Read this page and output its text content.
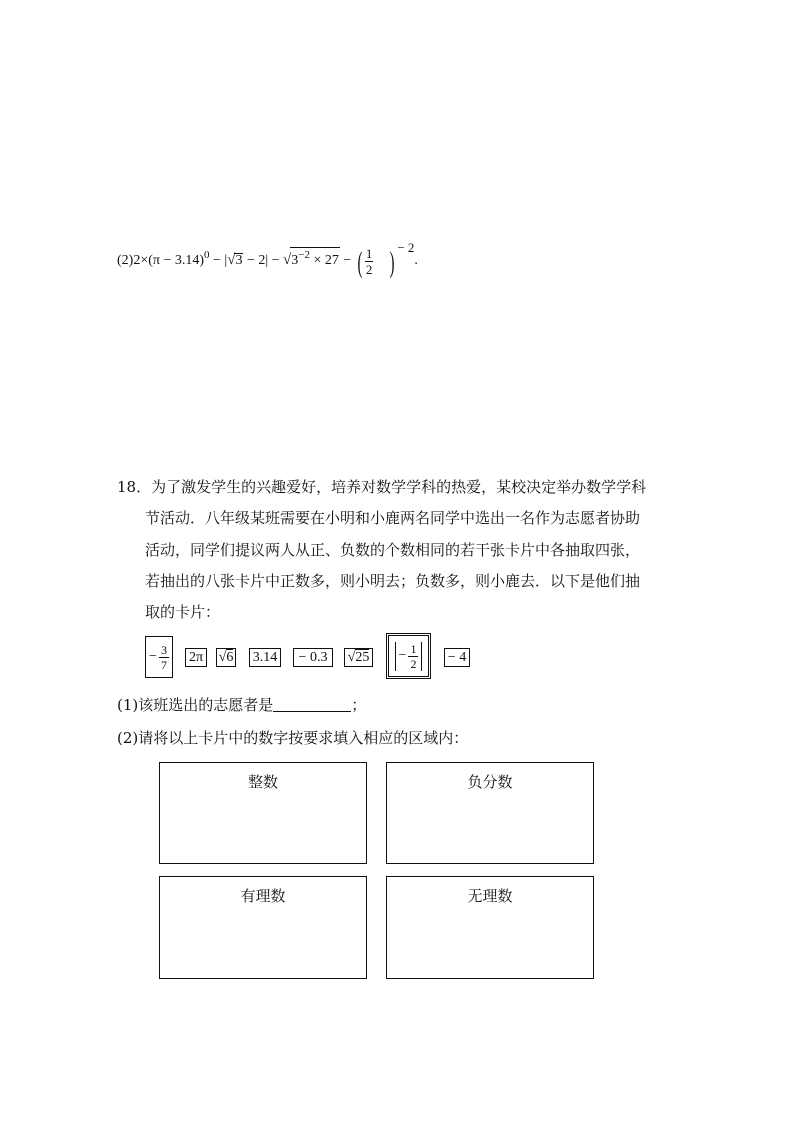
$(2)2\times(\pi - 3.14)^0 - |√3 - 2| - √3^{-2} \times 27$ − ( $\frac{1}{2}$ ) − 2.
18．为了激发学生的兴趣爱好，培养对数学学科的热爱，某校决定举办数学学科
节活动．八年级某班需要在小明和小鹿两名同学中选出一名作为志愿者协助
活动，同学们提议两人从正、负数的个数相同的若干张卡片中各抽取四张，
若抽出的八张卡片中正数多，则小明去；负数多，则小鹿去．以下是他们抽
取的卡片：
− $\frac{3}{7} 2\pi$ √ 6 3.14	− 0.3	√ $25 - \frac{1}{2} - 4$
(1)该班选出的志愿者是	；
(2)请将以上卡片中的数字按要求填入相应的区域内：
整数	负分数
有理数	无理数
